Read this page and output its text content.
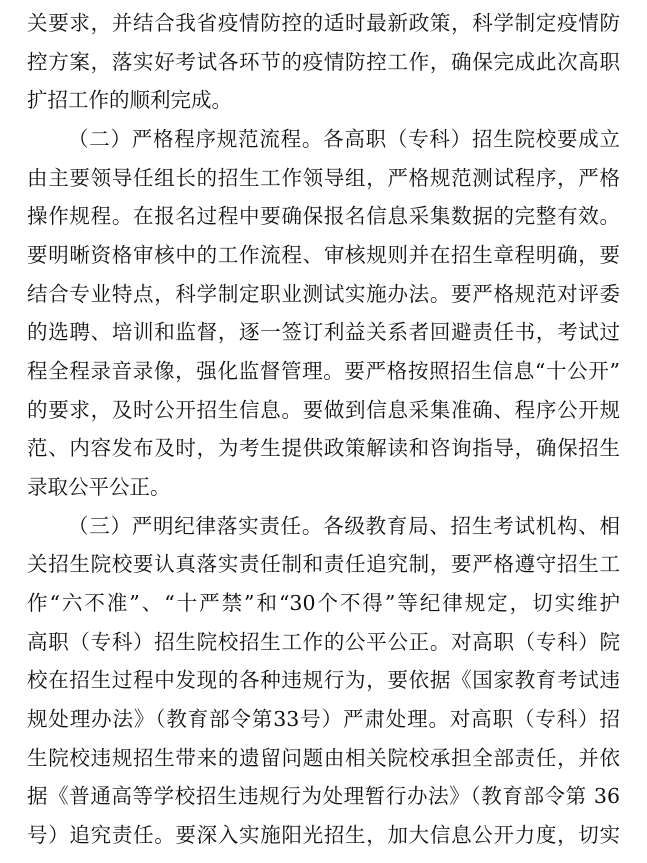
关要求，并结合我省疫情防控的适时最新政策，科学制定疫情防
控方案，落实好考试各环节的疫情防控工作，确保完成此次高职
扩招工作的顺利完成。
（二）严格程序规范流程。各高职（专科）招生院校要成立
由主要领导任组长的招生工作领导组，严格规范测试程序，严格
操作规程。在报名过程中要确保报名信息采集数据的完整有效。
要明晰资格审核中的工作流程、审核规则并在招生章程明确，要
结合专业特点，科学制定职业测试实施办法。要严格规范对评委
的选聘、培训和监督，逐一签订利益关系者回避责任书，考试过
程全程录音录像，强化监督管理。要严格按照招生信息“十公开”
的要求，及时公开招生信息。要做到信息采集准确、程序公开规
范、内容发布及时，为考生提供政策解读和咨询指导，确保招生
录取公平公正。
（三）严明纪律落实责任。各级教育局、招生考试机构、相
关招生院校要认真落实责任制和责任追究制，要严格遵守招生工
作“六不准”、“十严禁”和“30个不得”等纪律规定，切实维护
高职（专科）招生院校招生工作的公平公正。对高职（专科）院
校在招生过程中发现的各种违规行为，要依据《国家教育考试违
规处理办法》（教育部令第33号）严肃处理。对高职（专科）招
生院校违规招生带来的遗留问题由相关院校承担全部责任，并依
据《普通高等学校招生违规行为处理暂行办法》（教育部令第 36
号）追究责任。要深入实施阳光招生，加大信息公开力度，切实
